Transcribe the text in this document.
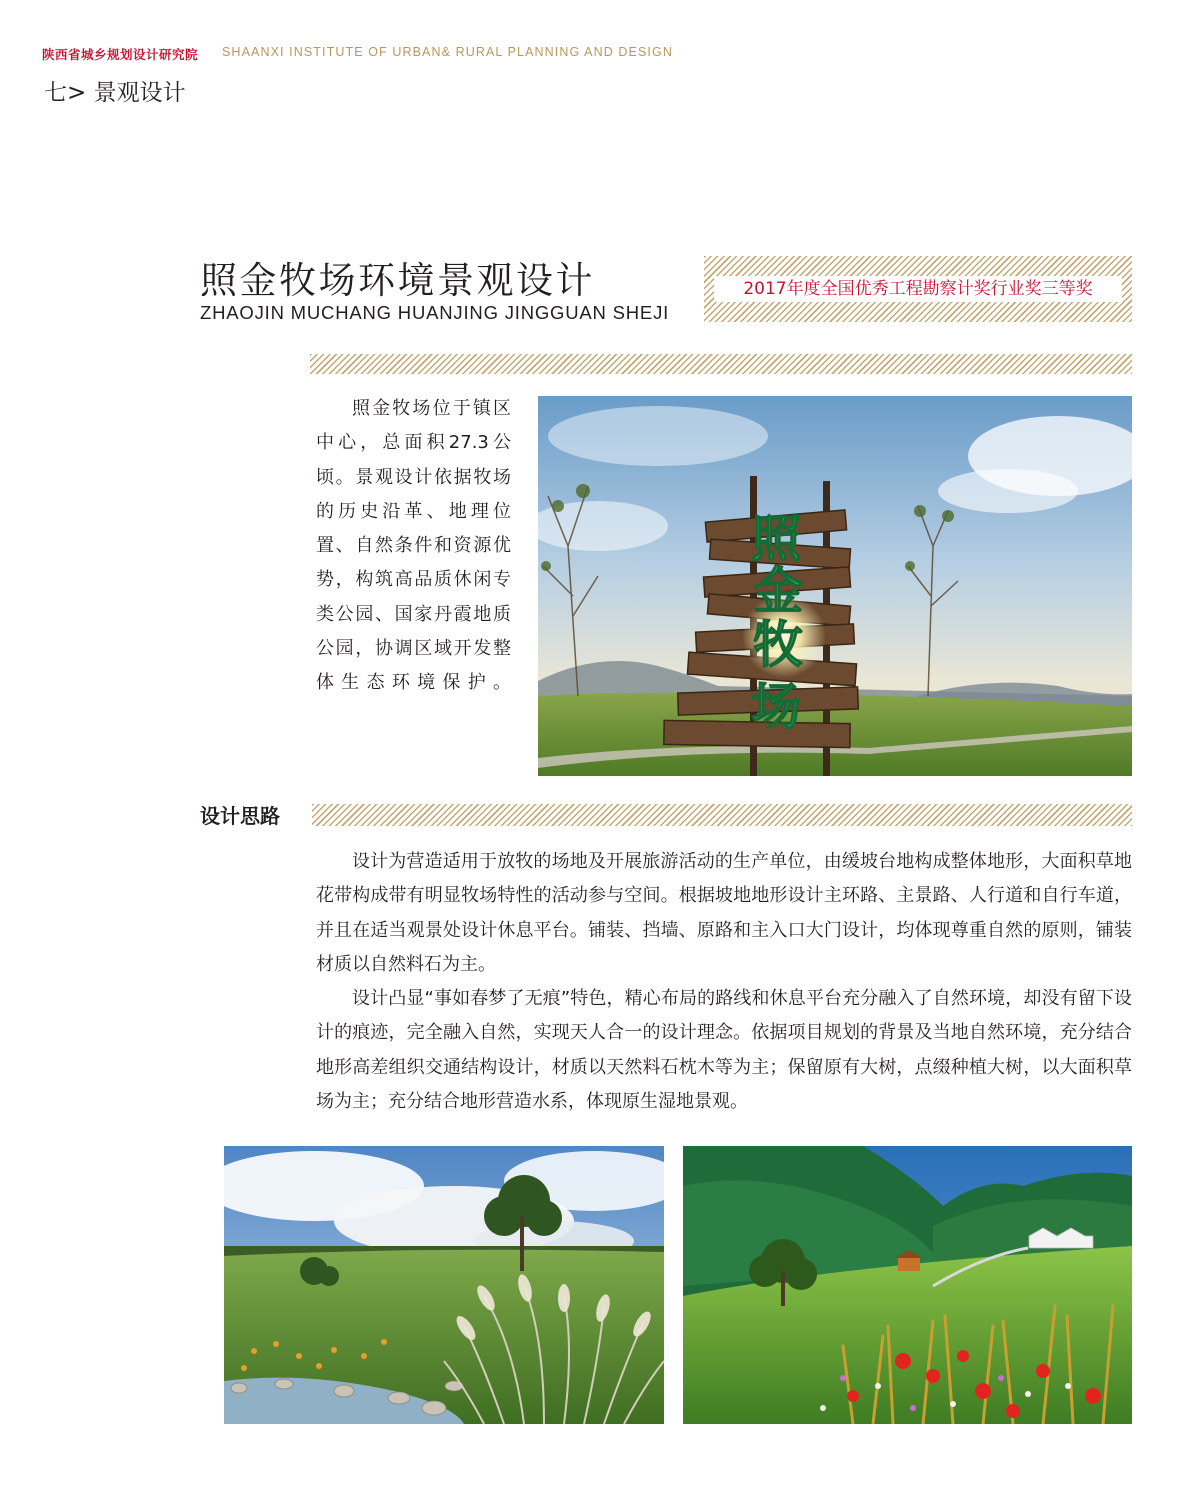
陕西省城乡规划设计研究院 SHAANXI INSTITUTE OF URBAN& RURAL PLANNING AND DESIGN
七> 景观设计
照金牧场环境景观设计
ZHAOJIN MUCHANG HUANJING JINGGUAN SHEJI
2017年度全国优秀工程勘察计奖行业奖三等奖

照金牧场位于镇区中心，总面积27.3公顷。景观设计依据牧场的历史沿革、地理位置、自然条件和资源优势，构筑高品质休闲专类公园、国家丹霞地质公园，协调区域开发整体生态环境保护。

照
金
牧
场
设计思路

设计为营造适用于放牧的场地及开展旅游活动的生产单位，由缓坡台地构成整体地形，大面积草地花带构成带有明显牧场特性的活动参与空间。根据坡地地形设计主环路、主景路、人行道和自行车道，并且在适当观景处设计休息平台。铺装、挡墙、原路和主入口大门设计，均体现尊重自然的原则，铺装材质以自然料石为主。

设计凸显“事如春梦了无痕”特色，精心布局的路线和休息平台充分融入了自然环境，却没有留下设计的痕迹，完全融入自然，实现天人合一的设计理念。依据项目规划的背景及当地自然环境，充分结合地形高差组织交通结构设计，材质以天然料石枕木等为主；保留原有大树，点缀种植大树，以大面积草场为主；充分结合地形营造水系，体现原生湿地景观。
